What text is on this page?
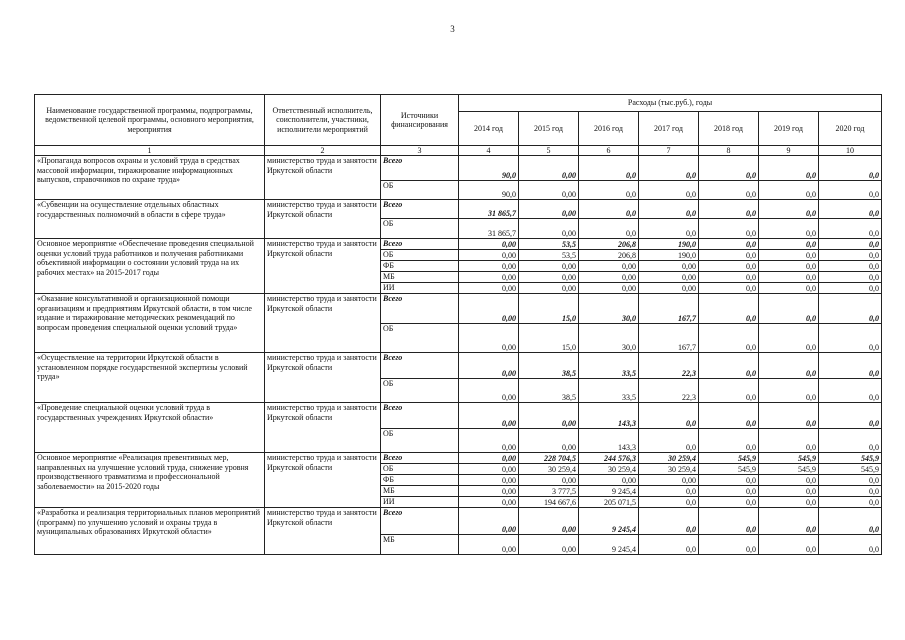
3
Наименование государственной программы, подпрограммы, ведомственной целевой программы, основного мероприятия, мероприятия	Ответственный исполнитель, соисполнители, участники, исполнители мероприятий	Источники финансирования	Расходы (тыс.руб.), годы						
			2014 год	2015 год	2016 год	2017 год	2018 год	2019 год	2020 год
1	2	3	4	5	6	7	8	9	10
«Пропаганда вопросов охраны и условий труда в средствах массовой информации, тиражирование информационных выпусков, справочников по охране труда»	министерство труда и занятости Иркутской области	Всего	90,0	0,00	0,0	0,0	0,0	0,0	0,0
		ОБ	90,0	0,00	0,0	0,0	0,0	0,0	0,0
«Субвенции на осуществление отдельных областных государственных полномочий в области в сфере труда»	министерство труда и занятости Иркутской области	Всего	31 865,7	0,00	0,0	0,0	0,0	0,0	0,0
		ОБ	31 865,7	0,00	0,0	0,0	0,0	0,0	0,0
Основное мероприятие «Обеспечение проведения специальной оценки условий труда работников и получения работниками объективной информации о состоянии условий труда на их рабочих местах» на 2015-2017 годы	министерство труда и занятости Иркутской области	Всего	0,00	53,5	206,8	190,0	0,0	0,0	0,0
		ОБ	0,00	53,5	206,8	190,0	0,0	0,0	0,0
		ФБ	0,00	0,00	0,00	0,00	0,0	0,0	0,0
		МБ	0,00	0,00	0,00	0,00	0,0	0,0	0,0
		ИИ	0,00	0,00	0,00	0,00	0,0	0,0	0,0
«Оказание консультативной и организационной помощи организациям и предприятиям Иркутской области, в том числе издание и тиражирование методических рекомендаций по вопросам проведения специальной оценки условий труда»	министерство труда и занятости Иркутской области	Всего	0,00	15,0	30,0	167,7	0,0	0,0	0,0
		ОБ	0,00	15,0	30,0	167,7	0,0	0,0	0,0
«Осуществление на территории Иркутской области в установленном порядке государственной экспертизы условий труда»	министерство труда и занятости Иркутской области	Всего	0,00	38,5	33,5	22,3	0,0	0,0	0,0
		ОБ	0,00	38,5	33,5	22,3	0,0	0,0	0,0
«Проведение специальной оценки условий труда в государственных учреждениях Иркутской области»	министерство труда и занятости Иркутской области	Всего	0,00	0,00	143,3	0,0	0,0	0,0	0,0
		ОБ	0,00	0,00	143,3	0,0	0,0	0,0	0,0
Основное мероприятие «Реализация превентивных мер, направленных на улучшение условий труда, снижение уровня производственного травматизма и профессиональной заболеваемости» на 2015-2020 годы	министерство труда и занятости Иркутской области	Всего	0,00	228 704,5	244 576,3	30 259,4	545,9	545,9	545,9
		ОБ	0,00	30 259,4	30 259,4	30 259,4	545,9	545,9	545,9
		ФБ	0,00	0,00	0,00	0,00	0,0	0,0	0,0
		МБ	0,00	3 777,5	9 245,4	0,0	0,0	0,0	0,0
		ИИ	0,00	194 667,6	205 071,5	0,0	0,0	0,0	0,0
«Разработка и реализация территориальных планов мероприятий (программ) по улучшению условий и охраны труда в муниципальных образованиях Иркутской области»	министерство труда и занятости Иркутской области	Всего	0,00	0,00	9 245,4	0,0	0,0	0,0	0,0
		МБ	0,00	0,00	9 245,4	0,0	0,0	0,0	0,0
